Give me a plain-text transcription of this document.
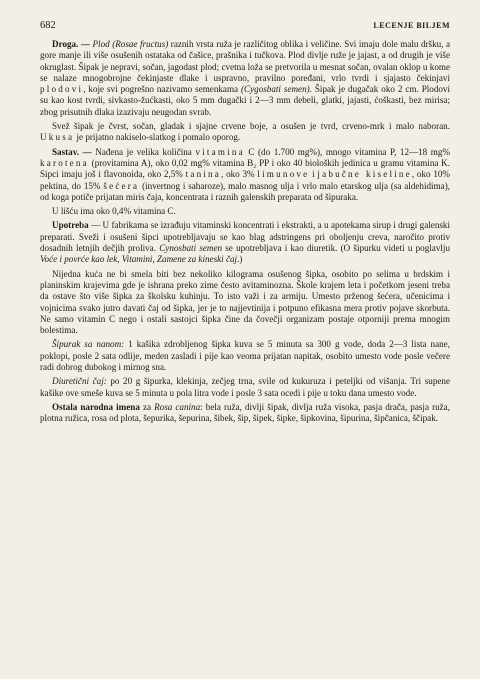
682	LECENJE BILJEM

Droga. — Plod (Rosae fructus) raznih vrsta ruža je različitog oblika i veličine. Svi imaju dole malu dršku, a gore manje ili više osušenih ostataka od čašice, prašnika i tučkova. Plod divlje ruže je jajast, a od drugih je više okruglast. Šipak je nepravi, sočan, jagodast plod; cvetna loža se pretvorila u mesnat sočan, ovalan oklop u kome se nalaze mnogobrojne čekinjaste dlake i uspravno, pravilno poređani, vrlo tvrdi i sjajasto čekinjavi plodovi, koje svi pogrešno nazivamo semenkama (Cygosbati semen). Šipak je dugačak oko 2 cm. Plodovi su kao kost tvrdi, sivkasto-žućkasti, oko 5 mm dugački i 2—3 mm debeli, glatki, jajasti, ćoškasti, bez mirisa; zbog prisutnih dlaka izazivaju neugodan svrab.

Svež šipak je čvrst, sočan, gladak i sjajne crvene boje, a osušen je tvrd, crveno-mrk i malo naboran. Ukusa je prijatno nakiselo-slatkog i pomalo oporog.

Sastav. — Nađena je velika količina vitamina C (do 1.700 mg%), mnogo vitamina P, 12—18 mg% karotena (provitamina A), oko 0,02 mg% vitamina B₂ PP i oko 40 bioloških jedinica u gramu vitamina K. Sipci imaju još i flavonoida, oko 2,5% tanina, oko 3% limunove i jabučne kiseline, oko 10% pektina, do 15% šećera (invertnog i saharoze), malo masnog ulja i vrlo malo etarskog ulja (sa aldehidima), od koga potiče prijatan miris čaja, koncentrata i raznih galenskih preparata od šipuraka.

U lišću ima oko 0,4% vitamina C.

Upotreba — U fabrikama se izrađuju vitaminski koncentrati i ekstrakti, a u apotekama sirup i drugi galenski preparati. Sveži i osušeni šipci upotrebljavaju se kao blag adstringens pri oboljenju creva, naročito protiv dosadnih letnjih dečjih proliva. Cynosbati semen se upotrebljava i kao diuretik. (O šipurku videti u poglavlju Voće i povrće kao lek, Vitamini, Zamene za kineski čaj.)

Nijedna kuća ne bi smela biti bez nekoliko kilograma osušenog šipka, osobito po selima u brdskim i planinskim krajevima gde je ishrana preko zime često avitaminozna. Škole krajem leta i početkom jeseni treba da ostave što više šipka za školsku kuhinju. To isto važi i za armiju. Umesto prženog šećera, učenicima i vojnicima svako jutro davati čaj od šipka, jer je to najjevtinija i potpuno efikasna mera protiv pojave skorbuta. Ne samo vitamin C nego i ostali sastojci šipka čine da čovečji organizam postaje otporniji prema mnogim bolestima.

Šipurak sa nanom: 1 kašika zdrobljenog šipka kuva se 5 minuta sa 300 g vode, doda 2—3 lista nane, poklopi, posle 2 sata odlije, meden zasladi i pije kao veoma prijatan napitak, osobito umesto vode posle večere radi dobrog dubokog i mirnog sna.

Diuretični čaj: po 20 g šipurka, klekinja, zečjeg trna, svile od kukuruza i peteljki od višanja. Tri supene kašike ove smeše kuva se 5 minuta u pola litra vode i posle 3 sata ocedi i pije u toku dana umesto vode.

Ostala narodna imena za Rosa canina: bela ruža, divlji šipak, divlja ruža visoka, pasja drača, pasja ruža, plotna ružica, rosa od plota, šepurika, šepurina, šibek, šip, šipek, šipke, šipkovina, šipurina, šipčanica, ščipak.
